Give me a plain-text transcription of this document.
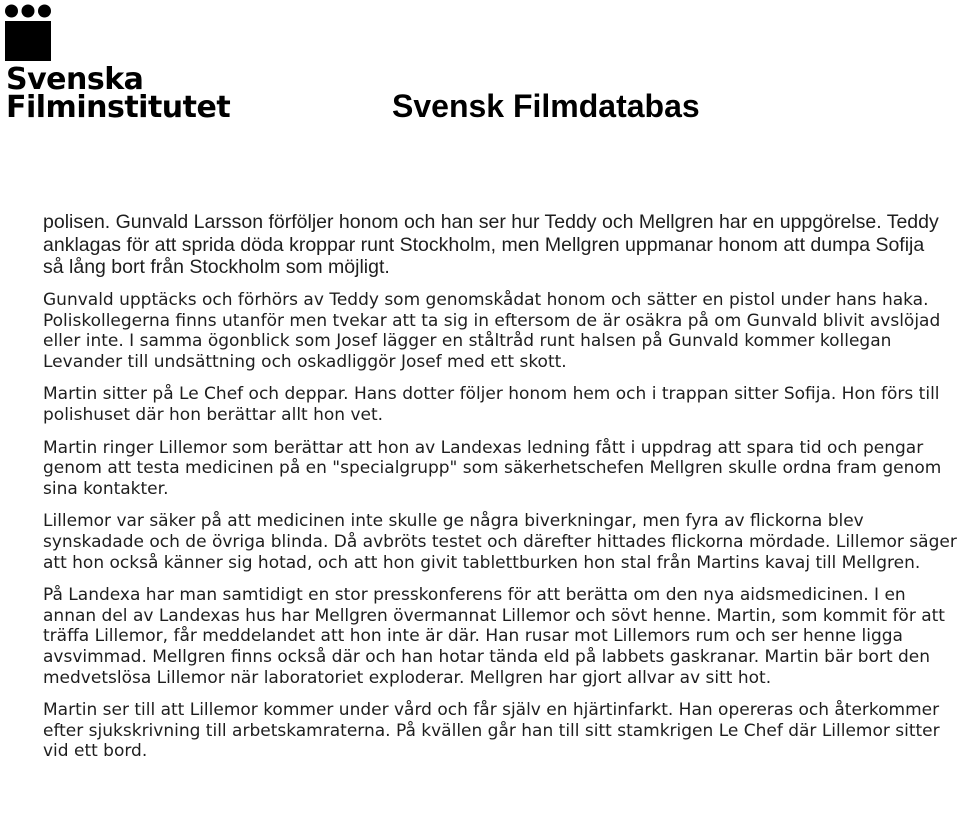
Svenska
Filminstitutet	Svensk Filmdatabas

polisen. Gunvald Larsson förföljer honom och han ser hur Teddy och Mellgren har en uppgörelse. Teddy anklagas för att sprida döda kroppar runt Stockholm, men Mellgren uppmanar honom att dumpa Sofija så lång bort från Stockholm som möjligt.

Gunvald upptäcks och förhörs av Teddy som genomskådat honom och sätter en pistol under hans haka. Poliskollegerna finns utanför men tvekar att ta sig in eftersom de är osäkra på om Gunvald blivit avslöjad eller inte. I samma ögonblick som Josef lägger en ståltråd runt halsen på Gunvald kommer kollegan Levander till undsättning och oskadliggör Josef med ett skott.

Martin sitter på Le Chef och deppar. Hans dotter följer honom hem och i trappan sitter Sofija. Hon förs till polishuset där hon berättar allt hon vet.

Martin ringer Lillemor som berättar att hon av Landexas ledning fått i uppdrag att spara tid och pengar genom att testa medicinen på en "specialgrupp" som säkerhetschefen Mellgren skulle ordna fram genom sina kontakter.

Lillemor var säker på att medicinen inte skulle ge några biverkningar, men fyra av flickorna blev synskadade och de övriga blinda. Då avbröts testet och därefter hittades flickorna mördade. Lillemor säger att hon också känner sig hotad, och att hon givit tablettburken hon stal från Martins kavaj till Mellgren.

På Landexa har man samtidigt en stor presskonferens för att berätta om den nya aidsmedicinen. I en annan del av Landexas hus har Mellgren övermannat Lillemor och sövt henne. Martin, som kommit för att träffa Lillemor, får meddelandet att hon inte är där. Han rusar mot Lillemors rum och ser henne ligga avsvimmad. Mellgren finns också där och han hotar tända eld på labbets gaskranar. Martin bär bort den medvetslösa Lillemor när laboratoriet exploderar. Mellgren har gjort allvar av sitt hot.

Martin ser till att Lillemor kommer under vård och får själv en hjärtinfarkt. Han opereras och återkommer efter sjukskrivning till arbetskamraterna. På kvällen går han till sitt stamkrigen Le Chef där Lillemor sitter vid ett bord.
